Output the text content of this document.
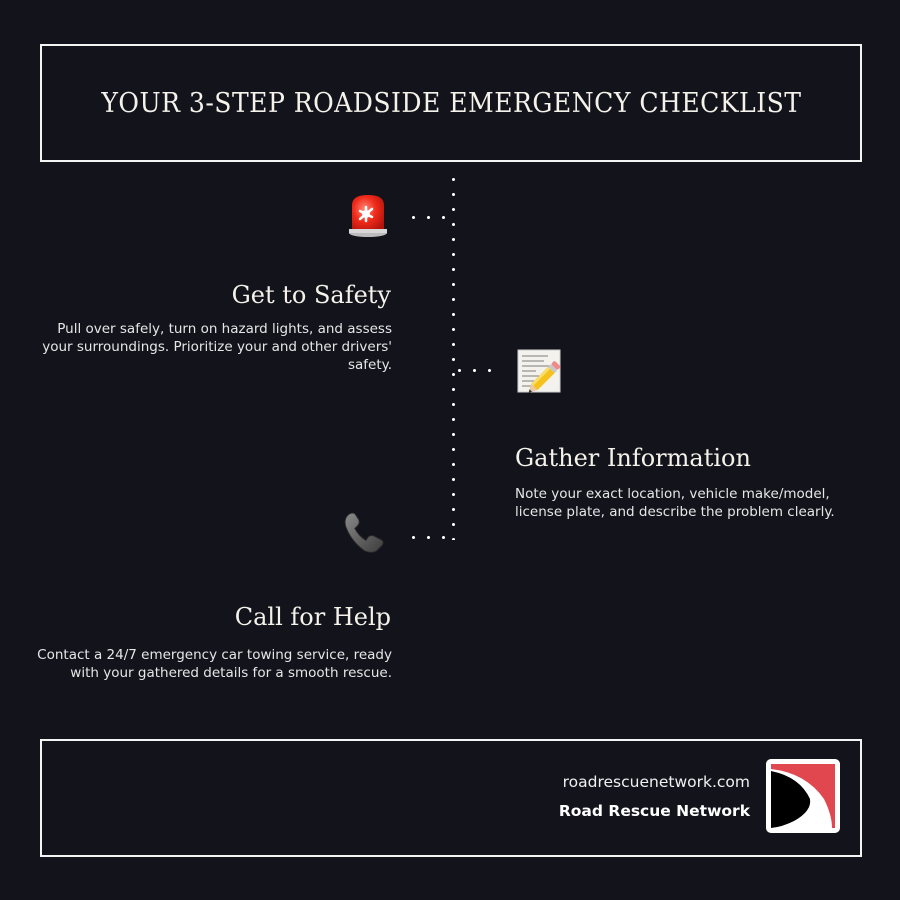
YOUR 3-STEP ROADSIDE EMERGENCY CHECKLIST
Get to Safety
Pull over safely, turn on hazard lights, and assess your surroundings. Prioritize your and other drivers' safety.
Gather Information
Note your exact location, vehicle make/model, license plate, and describe the problem clearly.
Call for Help
Contact a 24/7 emergency car towing service, ready with your gathered details for a smooth rescue.
roadrescuenetwork.com
Road Rescue Network
